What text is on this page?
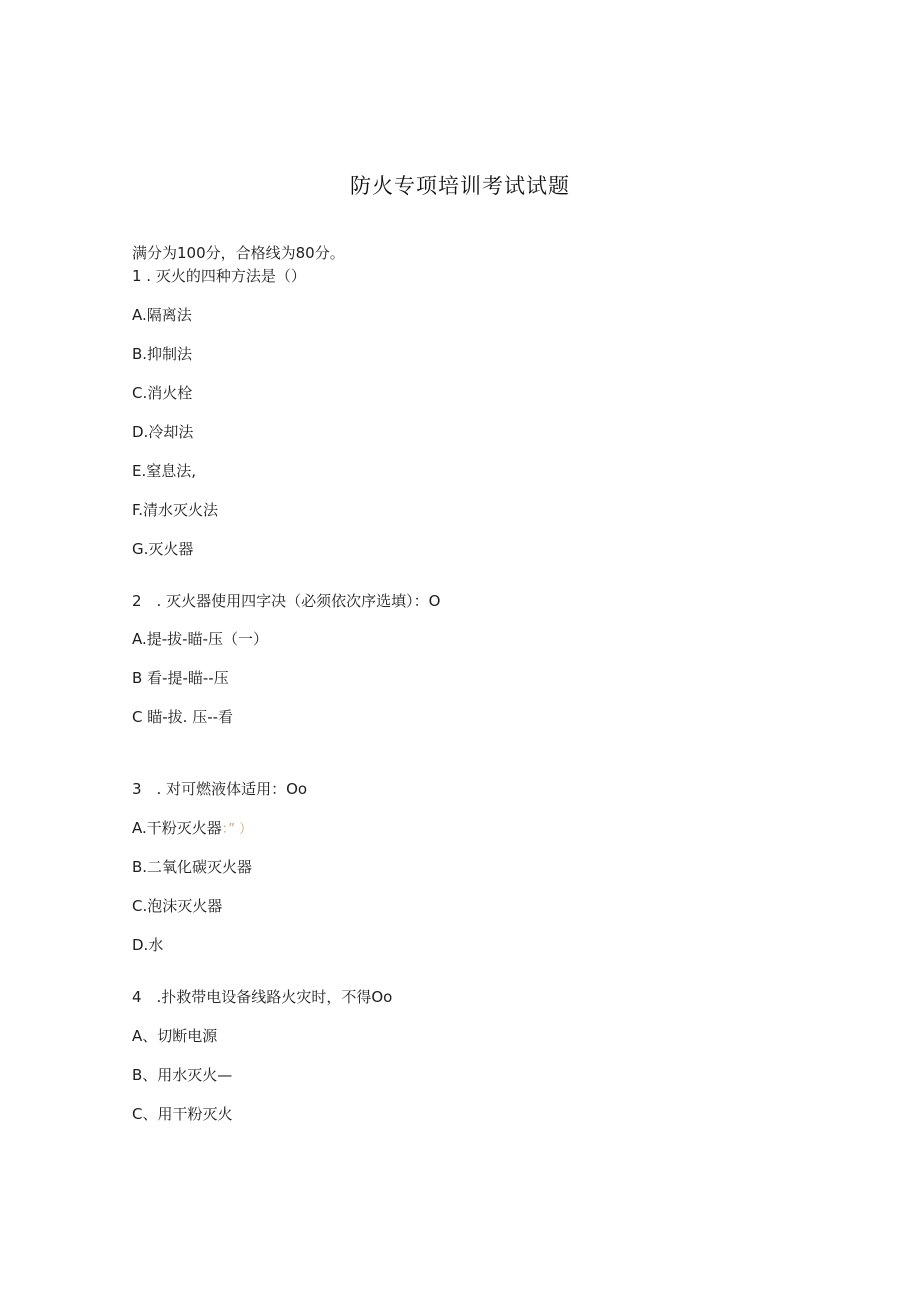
防火专项培训考试试题
满分为100分，合格线为80分。
1 . 灭火的四种方法是（）
A.隔离法
B.抑制法
C.消火栓
D.冷却法
E.窒息法,
F.清水灭火法
G.灭火器
2　. 灭火器使用四字决（必须依次序选填）：O
A.提-拔-瞄-压（一）
B 看-提-瞄--压
C 瞄-拔. 压--看
3　. 对可燃液体适用：Oo
A.干粉灭火器：” ）
B.二氧化碳灭火器
C.泡沫灭火器
D.水
4　.扑救带电设备线路火灾时，不得Oo
A、切断电源
B、用水灭火—
C、用干粉灭火
